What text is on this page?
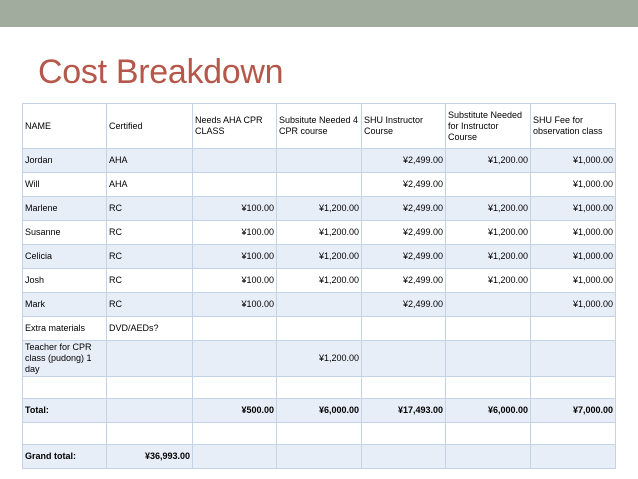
Cost Breakdown
NAME	Certified	Needs AHA CPR CLASS	Subsitute Needed 4 CPR course	SHU Instructor Course	Substitute Needed for Instructor Course	SHU Fee for observation class
Jordan	AHA			¥2,499.00	¥1,200.00	¥1,000.00
Will	AHA			¥2,499.00		¥1,000.00
Marlene	RC	¥100.00	¥1,200.00	¥2,499.00	¥1,200.00	¥1,000.00
Susanne	RC	¥100.00	¥1,200.00	¥2,499.00	¥1,200.00	¥1,000.00
Celicia	RC	¥100.00	¥1,200.00	¥2,499.00	¥1,200.00	¥1,000.00
Josh	RC	¥100.00	¥1,200.00	¥2,499.00	¥1,200.00	¥1,000.00
Mark	RC	¥100.00		¥2,499.00		¥1,000.00
Extra materials	DVD/AEDs?					
Teacher for CPR class (pudong) 1 day			¥1,200.00			

Total:		¥500.00	¥6,000.00	¥17,493.00	¥6,000.00	¥7,000.00

Grand total:	¥36,993.00					
